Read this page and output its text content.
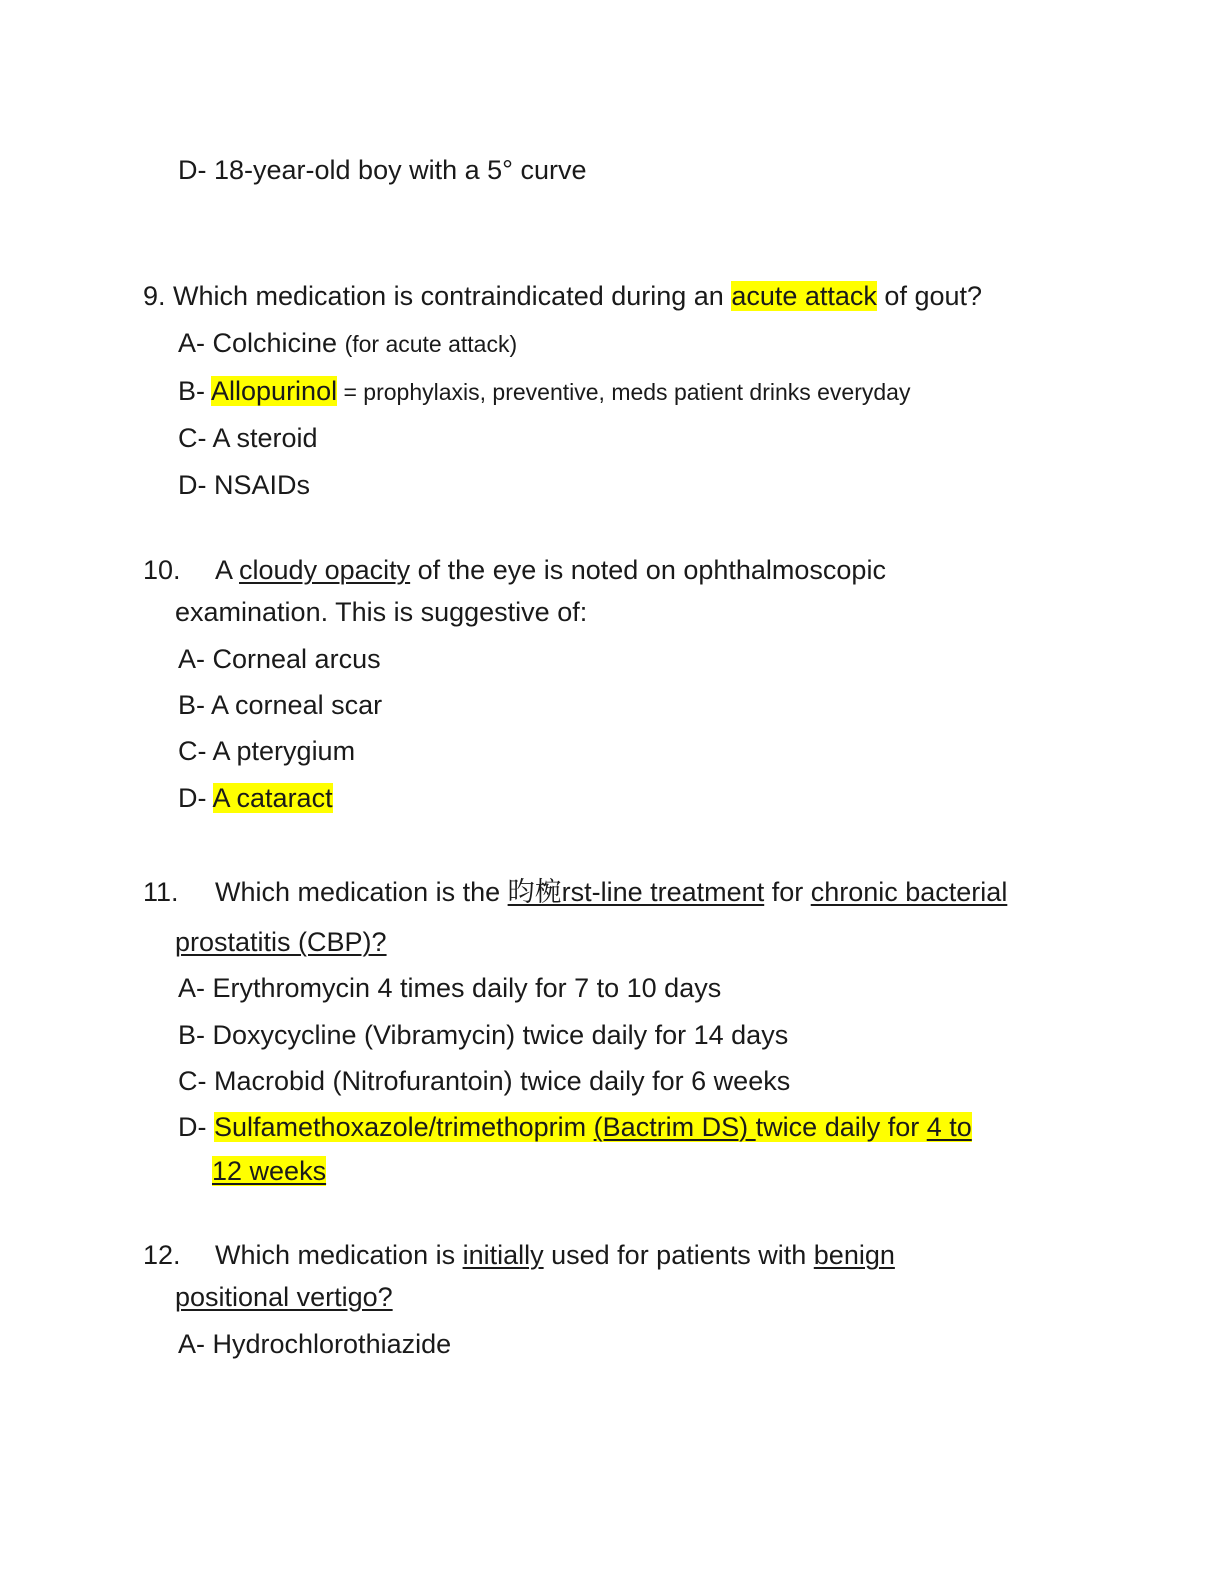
D- 18-year-old boy with a 5° curve
9. Which medication is contraindicated during an acute attack of gout?
A- Colchicine (for acute attack)
B- Allopurinol = prophylaxis, preventive, meds patient drinks everyday
C- A steroid
D- NSAIDs
10. A cloudy opacity of the eye is noted on ophthalmoscopic
examination. This is suggestive of:
A- Corneal arcus
B- A corneal scar
C- A pterygium
D- A cataract
11. Which medication is the 昀椀rst-line treatment for chronic bacterial
prostatitis (CBP)?
A- Erythromycin 4 times daily for 7 to 10 days
B- Doxycycline (Vibramycin) twice daily for 14 days
C- Macrobid (Nitrofurantoin) twice daily for 6 weeks
D- Sulfamethoxazole/trimethoprim (Bactrim DS) twice daily for 4 to
12 weeks
12. Which medication is initially used for patients with benign
positional vertigo?
A- Hydrochlorothiazide
